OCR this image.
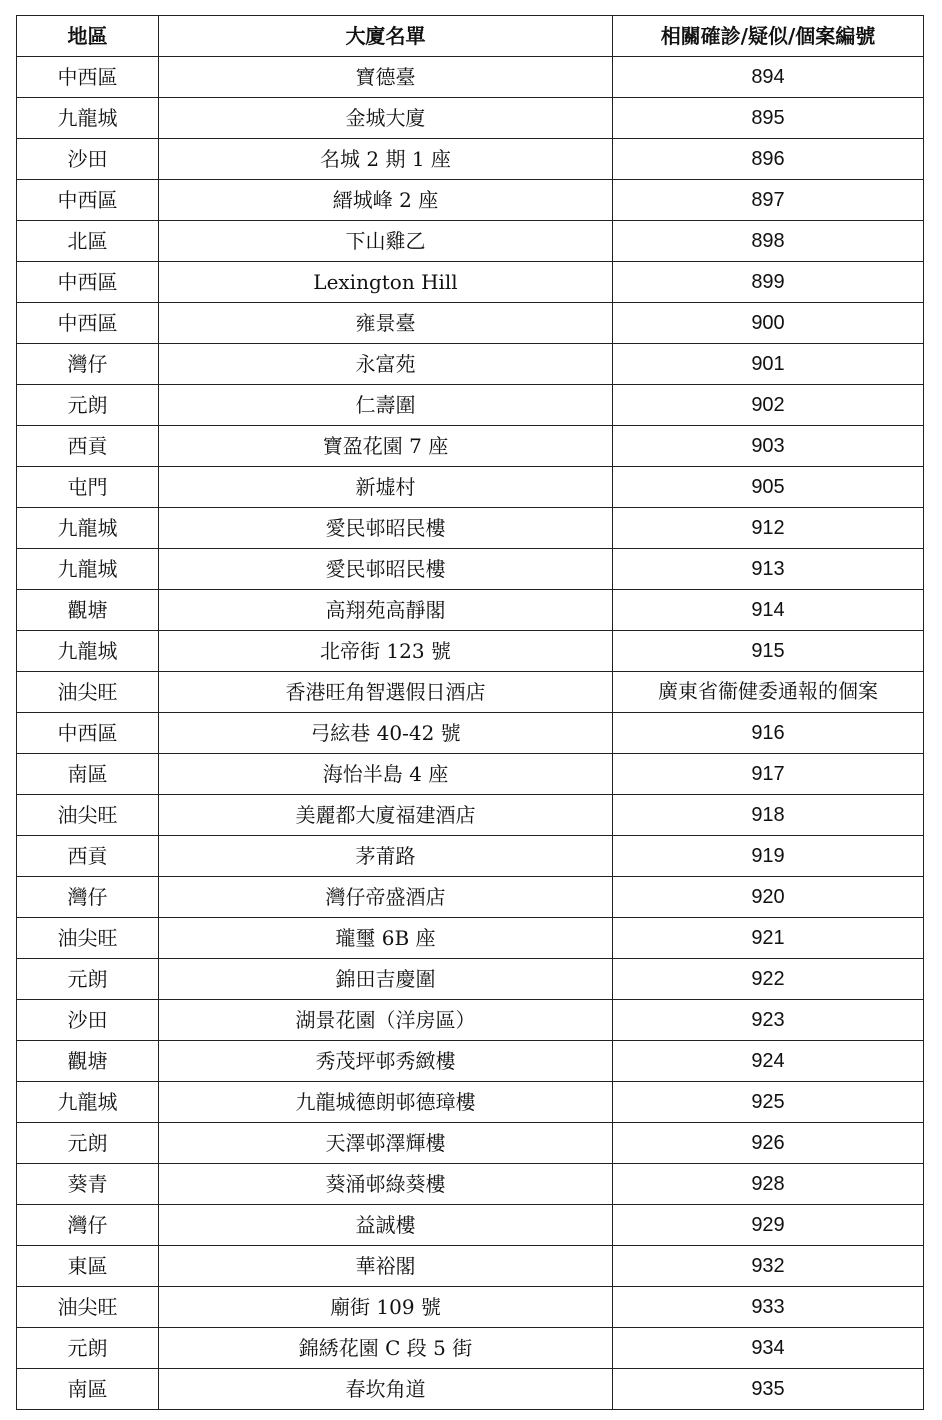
地區	大廈名單	相關確診/疑似/個案編號
中西區	寶德臺	894
九龍城	金城大廈	895
沙田	名城 2 期 1 座	896
中西區	縉城峰 2 座	897
北區	下山雞乙	898
中西區	Lexington Hill	899
中西區	雍景臺	900
灣仔	永富苑	901
元朗	仁壽圍	902
西貢	寶盈花園 7 座	903
屯門	新墟村	905
九龍城	愛民邨昭民樓	912
九龍城	愛民邨昭民樓	913
觀塘	高翔苑高靜閣	914
九龍城	北帝街 123 號	915
油尖旺	香港旺角智選假日酒店	廣東省衞健委通報的個案
中西區	弓絃巷 40-42 號	916
南區	海怡半島 4 座	917
油尖旺	美麗都大廈福建酒店	918
西貢	茅莆路	919
灣仔	灣仔帝盛酒店	920
油尖旺	瓏璽 6B 座	921
元朗	錦田吉慶圍	922
沙田	湖景花園（洋房區）	923
觀塘	秀茂坪邨秀緻樓	924
九龍城	九龍城德朗邨德璋樓	925
元朗	天澤邨澤輝樓	926
葵青	葵涌邨綠葵樓	928
灣仔	益誠樓	929
東區	華裕閣	932
油尖旺	廟街 109 號	933
元朗	錦綉花園 C 段 5 街	934
南區	春坎角道	935
